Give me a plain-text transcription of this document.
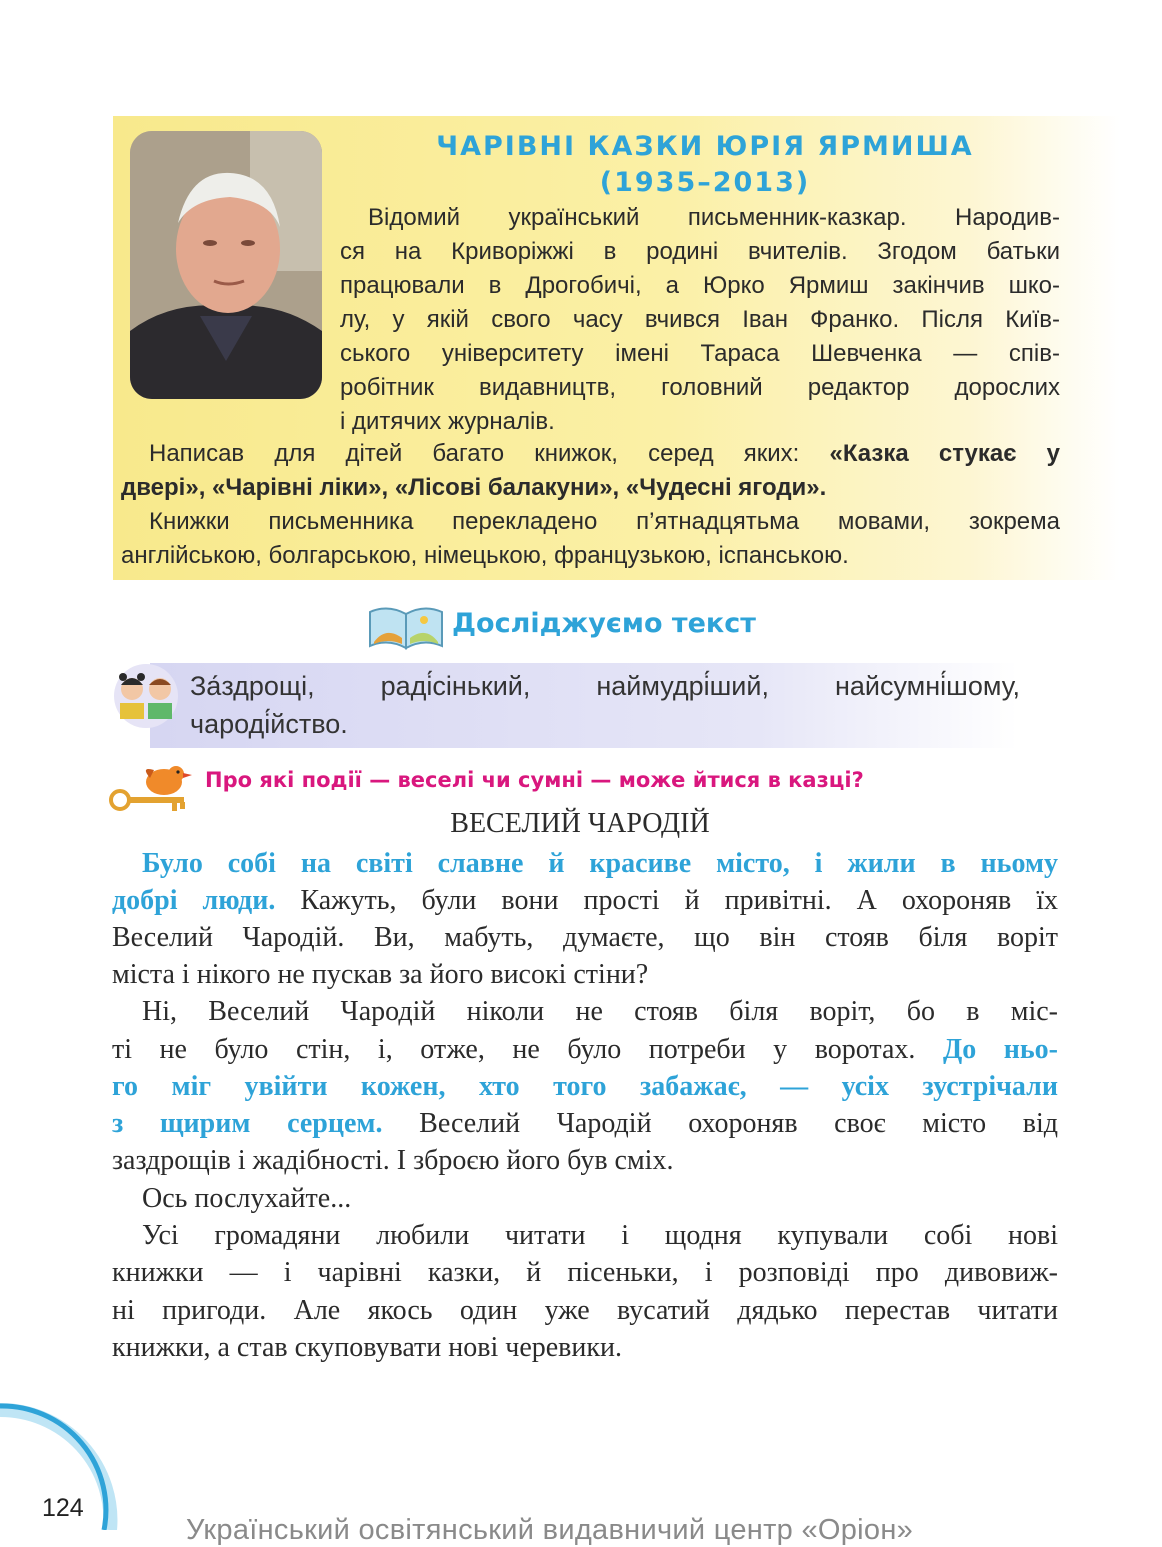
ЧАРІВНІ КАЗКИ ЮРІЯ ЯРМИША
(1935–2013)
Відомий український письменник-казкар. Народив-
ся на Криворіжжі в родині вчителів. Згодом батьки
працювали в Дрогобичі, а Юрко Ярмиш закінчив шко-
лу, у якій свого часу вчився Іван Франко. Після Київ-
ського університету імені Тараса Шевченка — спів-
робітник видавництв, головний редактор дорослих
і дитячих журналів.
Написав для дітей багато книжок, серед яких: «Казка стукає у
двері», «Чарівні ліки», «Лісові балакуни», «Чудесні ягоди».
Книжки письменника перекладено п’ятнадцятьма мовами, зокрема
англійською, болгарською, німецькою, французькою, іспанською.
Досліджуємо текст
За́здрощі, раді́сінький, наймудрі́ший, найсумні́шому,
чароді́йство.
Про які події — веселі чи сумні — може йтися в казці?
ВЕСЕЛИЙ ЧАРОДІЙ
Було собі на світі славне й красиве місто, і жили в ньому
добрі люди. Кажуть, були вони прості й привітні. А охороняв їх
Веселий Чародій. Ви, мабуть, думаєте, що він стояв біля воріт
міста і нікого не пускав за його високі стіни?
Ні, Веселий Чародій ніколи не стояв біля воріт, бо в міс-
ті не було стін, і, отже, не було потреби у воротах. До ньо-
го міг увійти кожен, хто того забажає, — усіх зустрічали
з щирим серцем. Веселий Чародій охороняв своє місто від
заздрощів і жадібності. І зброєю його був сміх.
Ось послухайте...
Усі громадяни любили читати і щодня купували собі нові
книжки — і чарівні казки, й пісеньки, і розповіді про дивовиж-
ні пригоди. Але якось один уже вусатий дядько перестав читати
книжки, а став скуповувати нові черевики.
124
Український освітянський видавничий центр «Оріон»
